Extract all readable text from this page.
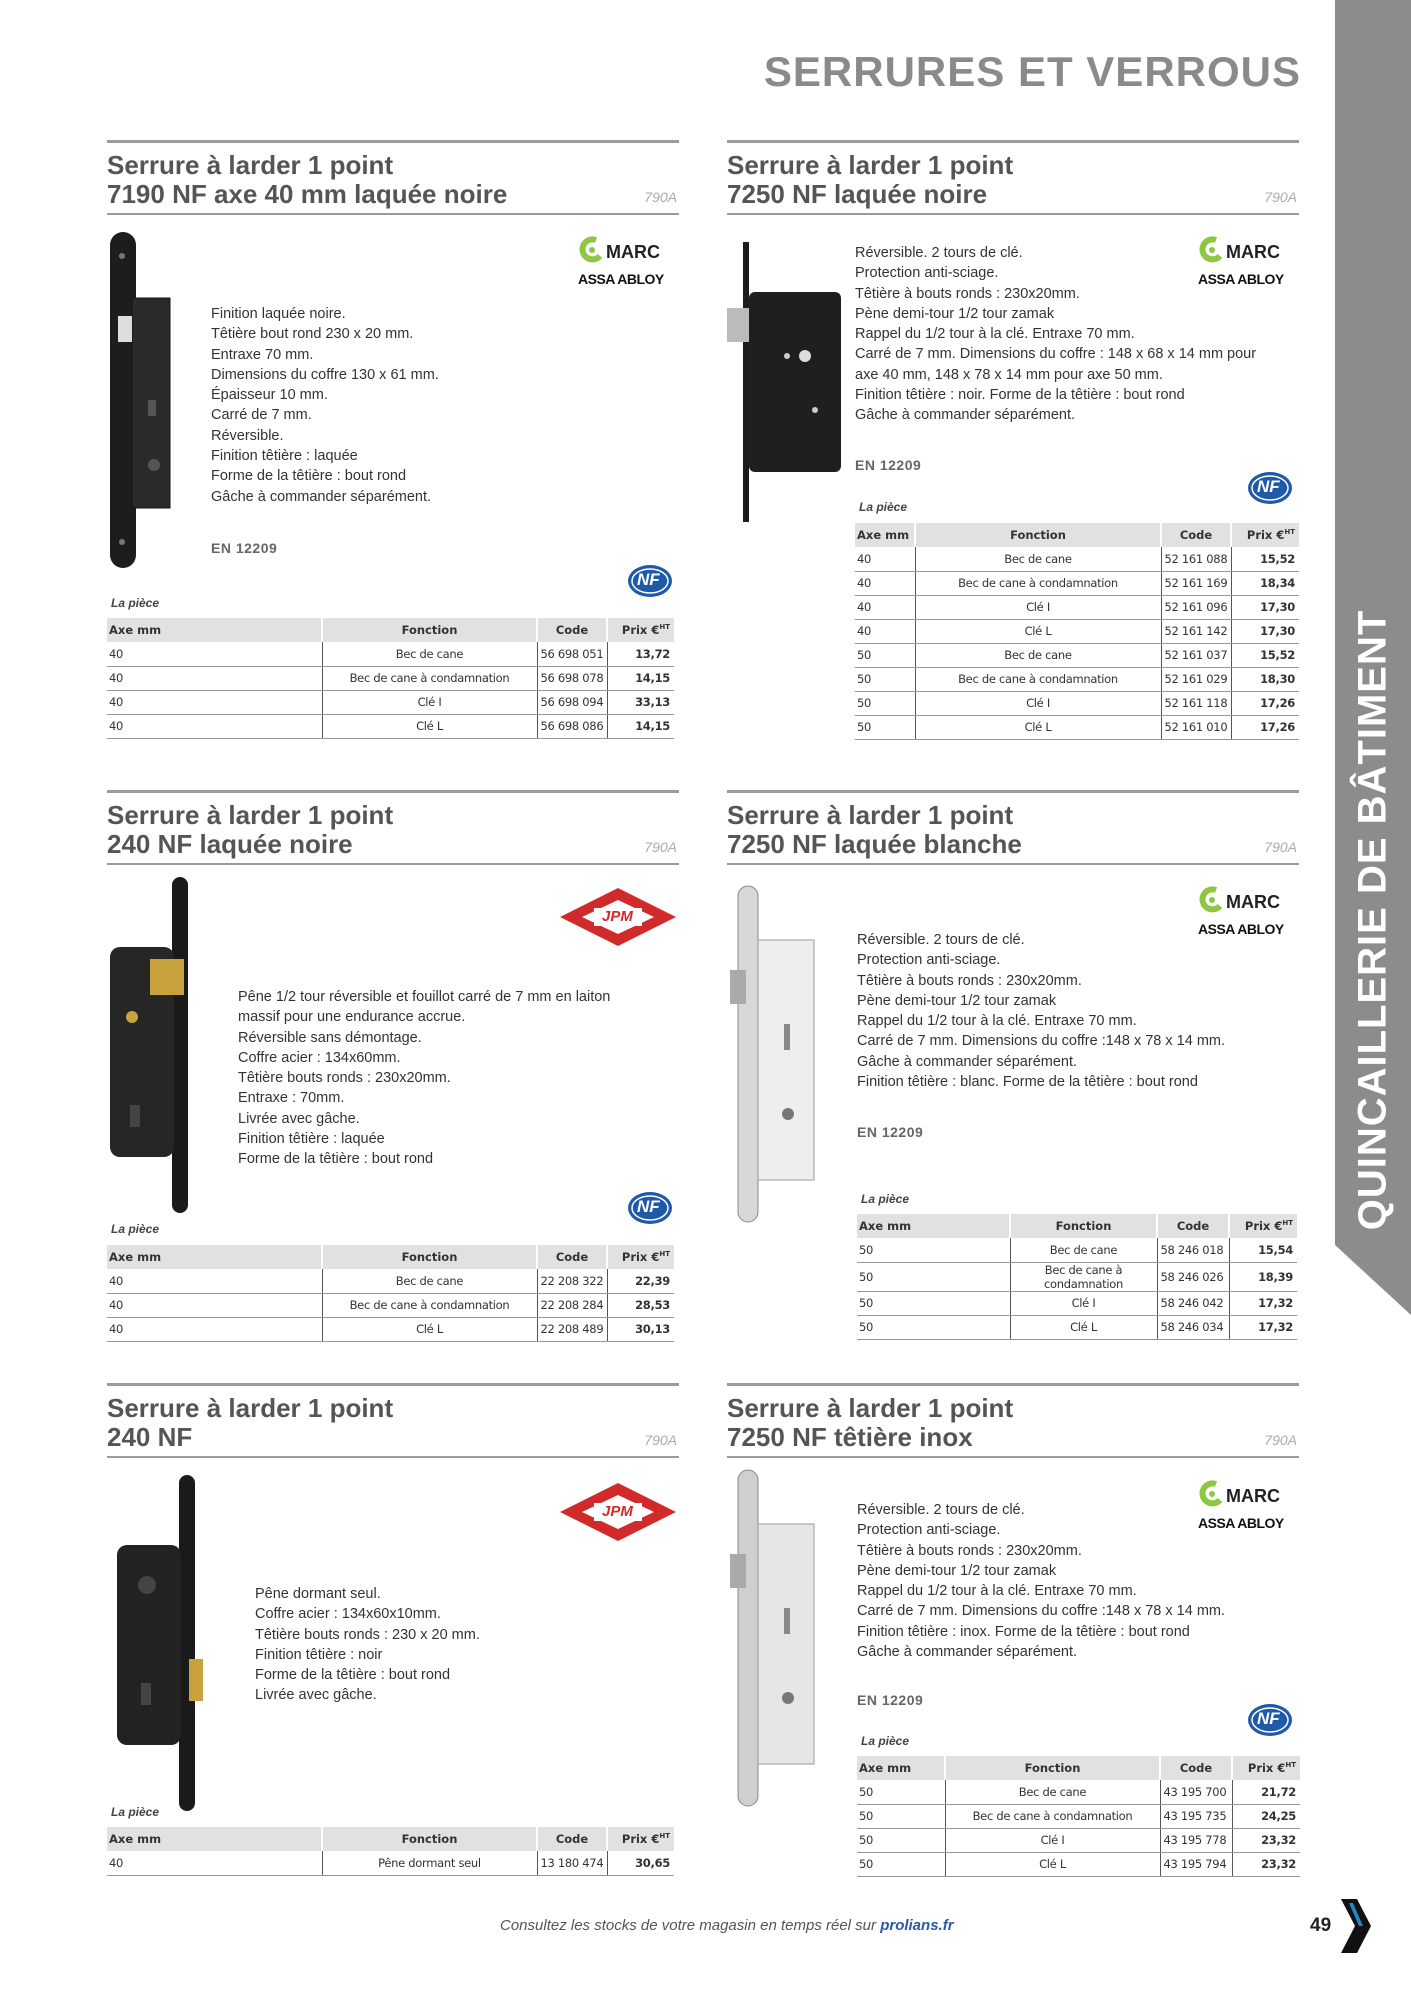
SERRURES ET VERROUS
QUINCAILLERIE DE BÂTIMENT
Serrure à larder 1 point
7190 NF axe 40 mm laquée noire	790A
Finition laquée noire.
Têtière bout rond 230 x 20 mm.
Entraxe 70 mm.
Dimensions du coffre 130 x 61 mm.
Épaisseur 10 mm.
Carré de 7 mm.
Réversible.
Finition têtière : laquée
Forme de la têtière : bout rond
Gâche à commander séparément.
EN 12209
MARC
ASSA ABLOY
NF
La pièce
Axe mm	Fonction	Code	Prix €$^{HT}$
40	Bec de cane	56 698 051	13,72
40	Bec de cane à condamnation	56 698 078	14,15
40	Clé I	56 698 094	33,13
40	Clé L	56 698 086	14,15
Serrure à larder 1 point
7250 NF laquée noire	790A
Réversible. 2 tours de clé.
Protection anti-sciage.
Têtière à bouts ronds : 230x20mm.
Pène demi-tour 1/2 tour zamak
Rappel du 1/2 tour à la clé. Entraxe 70 mm.
Carré de 7 mm. Dimensions du coffre : 148 x 68 x 14 mm pour
axe 40 mm, 148 x 78 x 14 mm pour axe 50 mm.
Finition têtière : noir. Forme de la têtière : bout rond
Gâche à commander séparément.
EN 12209
MARC
ASSA ABLOY
NF
La pièce
Axe mm	Fonction	Code	Prix €$^{HT}$
40	Bec de cane	52 161 088	15,52
40	Bec de cane à condamnation	52 161 169	18,34
40	Clé I	52 161 096	17,30
40	Clé L	52 161 142	17,30
50	Bec de cane	52 161 037	15,52
50	Bec de cane à condamnation	52 161 029	18,30
50	Clé I	52 161 118	17,26
50	Clé L	52 161 010	17,26
Serrure à larder 1 point
240 NF laquée noire	790A
Pêne 1/2 tour réversible et fouillot carré de 7 mm en laiton
massif pour une endurance accrue.
Réversible sans démontage.
Coffre acier : 134x60mm.
Têtière bouts ronds : 230x20mm.
Entraxe : 70mm.
Livrée avec gâche.
Finition têtière : laquée
Forme de la têtière : bout rond
JPM
NF
La pièce
Axe mm	Fonction	Code	Prix €$^{HT}$
40	Bec de cane	22 208 322	22,39
40	Bec de cane à condamnation	22 208 284	28,53
40	Clé L	22 208 489	30,13
Serrure à larder 1 point
7250 NF laquée blanche	790A
Réversible. 2 tours de clé.
Protection anti-sciage.
Têtière à bouts ronds : 230x20mm.
Pène demi-tour 1/2 tour zamak
Rappel du 1/2 tour à la clé. Entraxe 70 mm.
Carré de 7 mm. Dimensions du coffre :148 x 78 x 14 mm.
Gâche à commander séparément.
Finition têtière : blanc. Forme de la têtière : bout rond
EN 12209
MARC
ASSA ABLOY
La pièce
Axe mm	Fonction	Code	Prix €$^{HT}$
50	Bec de cane	58 246 018	15,54
50	Bec de cane à condamnation	58 246 026	18,39
50	Clé I	58 246 042	17,32
50	Clé L	58 246 034	17,32
Serrure à larder 1 point
240 NF	790A
Pêne dormant seul.
Coffre acier : 134x60x10mm.
Têtière bouts ronds : 230 x 20 mm.
Finition têtière : noir
Forme de la têtière : bout rond
Livrée avec gâche.
JPM
La pièce
Axe mm	Fonction	Code	Prix €$^{HT}$
40	Pêne dormant seul	13 180 474	30,65
Serrure à larder 1 point
7250 NF têtière inox	790A
Réversible. 2 tours de clé.
Protection anti-sciage.
Têtière à bouts ronds : 230x20mm.
Pène demi-tour 1/2 tour zamak
Rappel du 1/2 tour à la clé. Entraxe 70 mm.
Carré de 7 mm. Dimensions du coffre :148 x 78 x 14 mm.
Finition têtière : inox. Forme de la têtière : bout rond
Gâche à commander séparément.
EN 12209
MARC
ASSA ABLOY
NF
La pièce
Axe mm	Fonction	Code	Prix €$^{HT}$
50	Bec de cane	43 195 700	21,72
50	Bec de cane à condamnation	43 195 735	24,25
50	Clé I	43 195 778	23,32
50	Clé L	43 195 794	23,32
Consultez les stocks de votre magasin en temps réel sur prolians.fr	49
